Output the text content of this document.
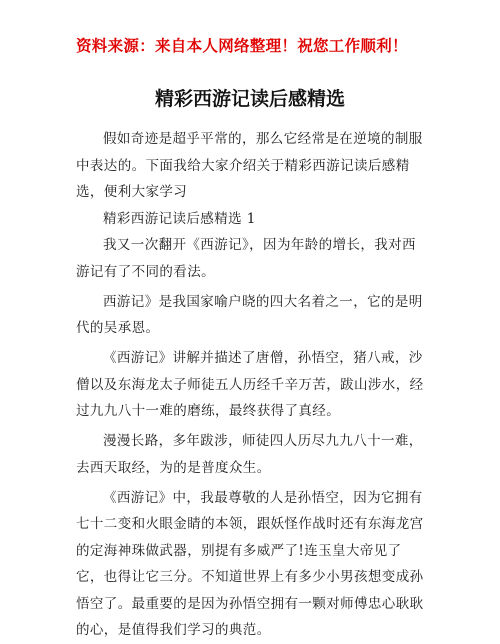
资料来源：来自本人网络整理！祝您工作顺利！
精彩西游记读后感精选

假如奇迹是超乎平常的，那么它经常是在逆境的制服中表达的。下面我给大家介绍关于精彩西游记读后感精选，便利大家学习

精彩西游记读后感精选 1

我又一次翻开《西游记》，因为年龄的增长，我对西游记有了不同的看法。

西游记》是我国家喻户晓的四大名着之一，它的是明代的吴承恩。

《西游记》讲解并描述了唐僧，孙悟空，猪八戒，沙僧以及东海龙太子师徒五人历经千辛万苦，跋山涉水，经过九九八十一难的磨练，最终获得了真经。

漫漫长路，多年跋涉，师徒四人历尽九九八十一难，去西天取经，为的是普度众生。

《西游记》中，我最尊敬的人是孙悟空，因为它拥有七十二变和火眼金睛的本领，跟妖怪作战时还有东海龙宫的定海神珠做武器，别提有多威严了!连玉皇大帝见了它，也得让它三分。不知道世界上有多少小男孩想变成孙悟空了。最重要的是因为孙悟空拥有一颗对师傅忠心耿耿的心，是值得我们学习的典范。
